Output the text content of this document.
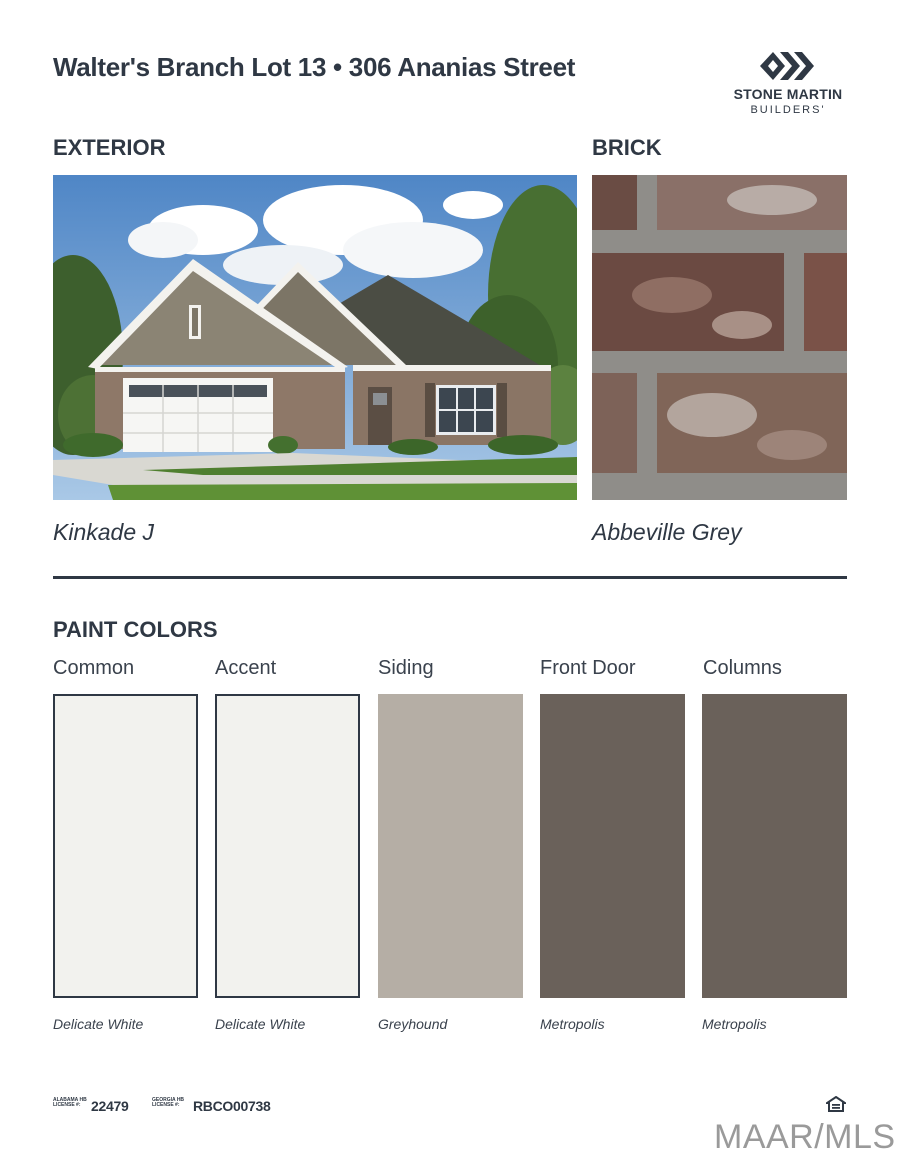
Walter's Branch Lot 13 • 306 Ananias Street
STONE MARTIN
BUILDERS'
EXTERIOR	BRICK
Kinkade J	Abbeville Grey
PAINT COLORS
Common	Accent	Siding	Front Door	Columns
Delicate White	Delicate White	Greyhound	Metropolis	Metropolis
ALABAMA HB
LICENSE #: 22479	GEORGIA HB
LICENSE #: RBCO00738
MAAR/MLS
